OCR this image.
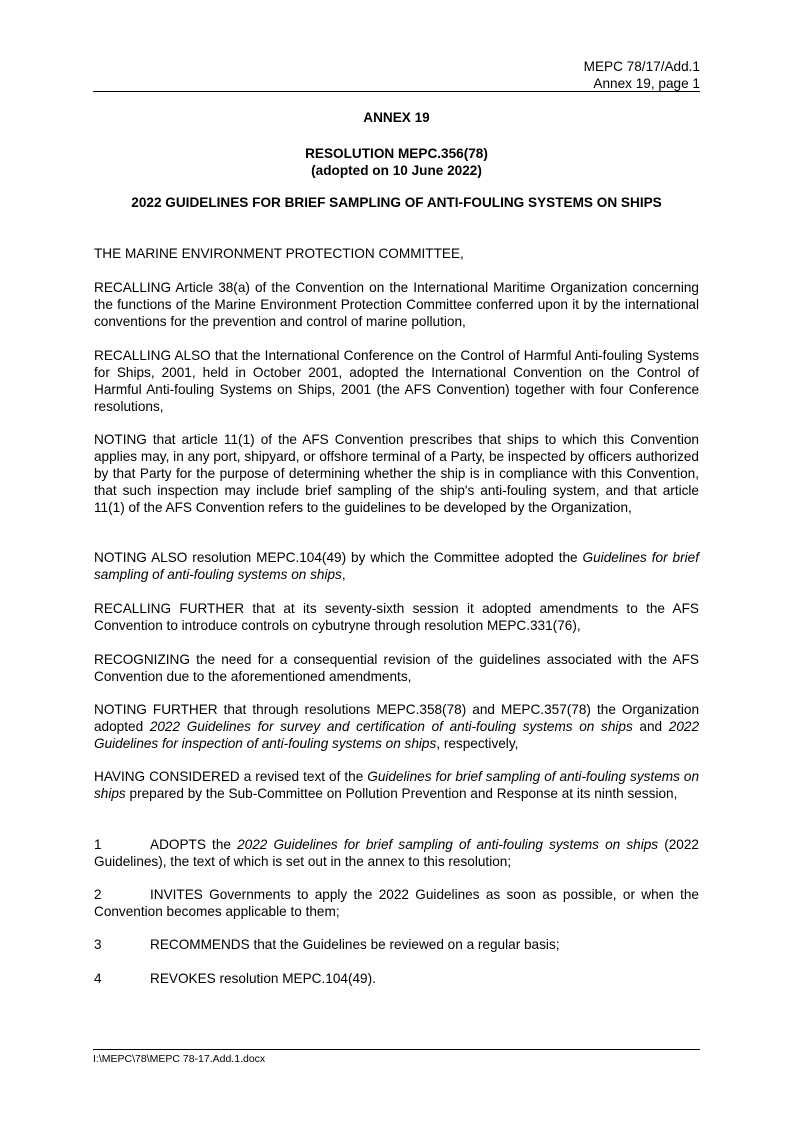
MEPC 78/17/Add.1
Annex 19, page 1
ANNEX 19
RESOLUTION MEPC.356(78)
(adopted on 10 June 2022)
2022 GUIDELINES FOR BRIEF SAMPLING OF ANTI-FOULING SYSTEMS ON SHIPS
THE MARINE ENVIRONMENT PROTECTION COMMITTEE,
RECALLING Article 38(a) of the Convention on the International Maritime Organization concerning the functions of the Marine Environment Protection Committee conferred upon it by the international conventions for the prevention and control of marine pollution,
RECALLING ALSO that the International Conference on the Control of Harmful Anti-fouling Systems for Ships, 2001, held in October 2001, adopted the International Convention on the Control of Harmful Anti-fouling Systems on Ships, 2001 (the AFS Convention) together with four Conference resolutions,
NOTING that article 11(1) of the AFS Convention prescribes that ships to which this Convention applies may, in any port, shipyard, or offshore terminal of a Party, be inspected by officers authorized by that Party for the purpose of determining whether the ship is in compliance with this Convention, that such inspection may include brief sampling of the ship's anti-fouling system, and that article 11(1) of the AFS Convention refers to the guidelines to be developed by the Organization,
NOTING ALSO resolution MEPC.104(49) by which the Committee adopted the Guidelines for brief sampling of anti-fouling systems on ships,
RECALLING FURTHER that at its seventy-sixth session it adopted amendments to the AFS Convention to introduce controls on cybutryne through resolution MEPC.331(76),
RECOGNIZING the need for a consequential revision of the guidelines associated with the AFS Convention due to the aforementioned amendments,
NOTING FURTHER that through resolutions MEPC.358(78) and MEPC.357(78) the Organization adopted 2022 Guidelines for survey and certification of anti-fouling systems on ships and 2022 Guidelines for inspection of anti-fouling systems on ships, respectively,
HAVING CONSIDERED a revised text of the Guidelines for brief sampling of anti-fouling systems on ships prepared by the Sub-Committee on Pollution Prevention and Response at its ninth session,
1	ADOPTS the 2022 Guidelines for brief sampling of anti-fouling systems on ships (2022 Guidelines), the text of which is set out in the annex to this resolution;
2	INVITES Governments to apply the 2022 Guidelines as soon as possible, or when the Convention becomes applicable to them;
3	RECOMMENDS that the Guidelines be reviewed on a regular basis;
4	REVOKES resolution MEPC.104(49).
I:\MEPC\78\MEPC 78-17.Add.1.docx
